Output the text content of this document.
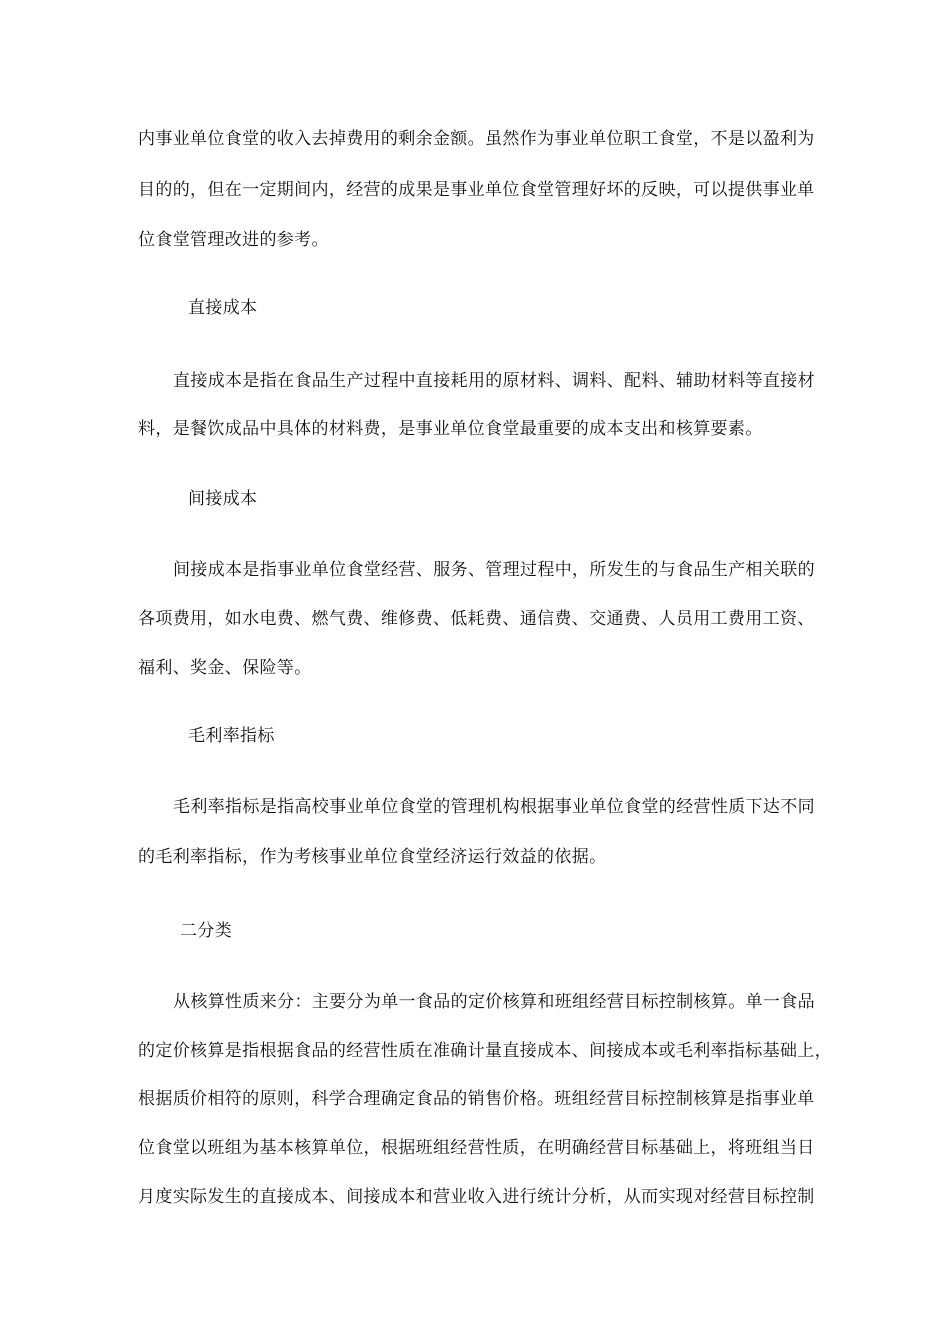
内事业单位食堂的收入去掉费用的剩余金额。虽然作为事业单位职工食堂，不是以盈利为
目的的，但在一定期间内，经营的成果是事业单位食堂管理好坏的反映，可以提供事业单
位食堂管理改进的参考。
直接成本
直接成本是指在食品生产过程中直接耗用的原材料、调料、配料、辅助材料等直接材
料，是餐饮成品中具体的材料费，是事业单位食堂最重要的成本支出和核算要素。
间接成本
间接成本是指事业单位食堂经营、服务、管理过程中，所发生的与食品生产相关联的
各项费用，如水电费、燃气费、维修费、低耗费、通信费、交通费、人员用工费用工资、
福利、奖金、保险等。
毛利率指标
毛利率指标是指高校事业单位食堂的管理机构根据事业单位食堂的经营性质下达不同
的毛利率指标，作为考核事业单位食堂经济运行效益的依据。
二分类
从核算性质来分：主要分为单一食品的定价核算和班组经营目标控制核算。单一食品
的定价核算是指根据食品的经营性质在准确计量直接成本、间接成本或毛利率指标基础上，
根据质价相符的原则，科学合理确定食品的销售价格。班组经营目标控制核算是指事业单
位食堂以班组为基本核算单位，根据班组经营性质，在明确经营目标基础上，将班组当日
月度实际发生的直接成本、间接成本和营业收入进行统计分析，从而实现对经营目标控制
